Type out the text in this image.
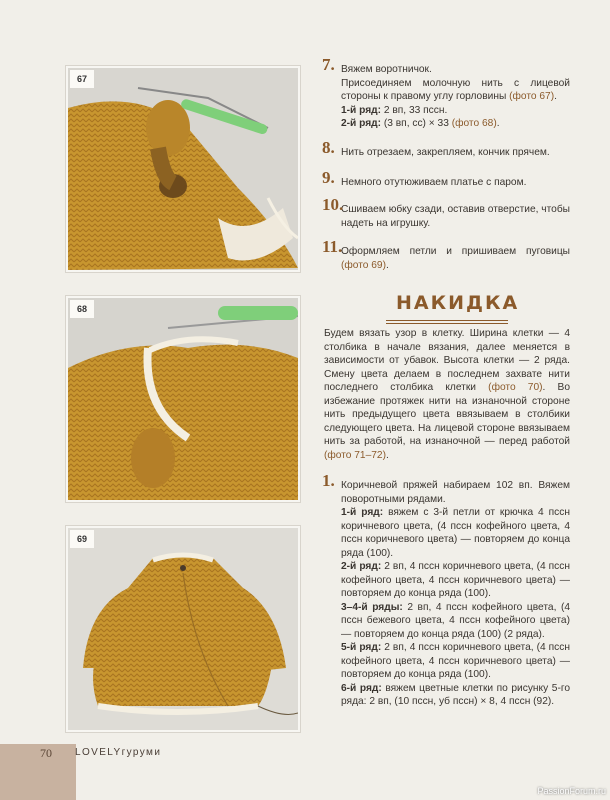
67
68
69
7. Вяжем воротничок.
Присоединяем молочную нить с лицевой стороны к правому углу горловины (фото 67).
1-й ряд: 2 вп, 33 пссн.
2-й ряд: (3 вп, сс) × 33 (фото 68).
8. Нить отрезаем, закрепляем, кончик прячем.
9. Немного отутюживаем платье с паром.
10.
Сшиваем юбку сзади, оставив отверстие, чтобы надеть на игрушку.
11.
Оформляем петли и пришиваем пуговицы (фото 69).
НАКИДКА
Будем вязать узор в клетку. Ширина клетки — 4 столбика в начале вязания, далее меняется в зависимости от убавок. Высота клетки — 2 ряда. Смену цвета делаем в последнем захвате нити последнего столбика клетки (фото 70). Во избежание протяжек нити на изнаночной стороне нить предыдущего цвета ввязываем в столбики следующего цвета. На лицевой стороне ввязываем нить за работой, на изнаночной — перед работой (фото 71–72).
1. Коричневой пряжей набираем 102 вп. Вяжем поворотными рядами.
1-й ряд: вяжем с 3-й петли от крючка 4 пссн коричневого цвета, (4 пссн кофейного цвета, 4 пссн коричневого цвета) — повторяем до конца ряда (100).
2-й ряд: 2 вп, 4 пссн коричневого цвета, (4 пссн кофейного цвета, 4 пссн коричневого цвета) — повторяем до конца ряда (100).
3–4-й ряды: 2 вп, 4 пссн кофейного цвета, (4 пссн бежевого цвета, 4 пссн кофейного цвета) — повторяем до конца ряда (100) (2 ряда).
5-й ряд: 2 вп, 4 пссн коричневого цвета, (4 пссн кофейного цвета, 4 пссн коричневого цвета) — повторяем до конца ряда (100).
6-й ряд: вяжем цветные клетки по рисунку 5-го ряда: 2 вп, (10 пссн, уб пссн) × 8, 4 пссн (92).
70 LOVELYгуруми
PassionForum.ru
